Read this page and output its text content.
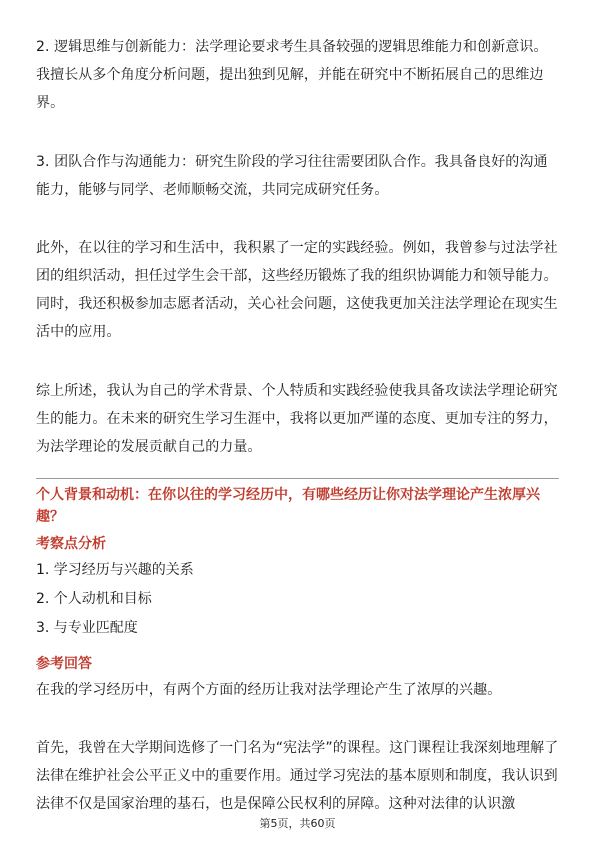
2. 逻辑思维与创新能力：法学理论要求考生具备较强的逻辑思维能力和创新意识。我擅长从多个角度分析问题，提出独到见解，并能在研究中不断拓展自己的思维边界。

3. 团队合作与沟通能力：研究生阶段的学习往往需要团队合作。我具备良好的沟通能力，能够与同学、老师顺畅交流，共同完成研究任务。

此外，在以往的学习和生活中，我积累了一定的实践经验。例如，我曾参与过法学社团的组织活动，担任过学生会干部，这些经历锻炼了我的组织协调能力和领导能力。同时，我还积极参加志愿者活动，关心社会问题，这使我更加关注法学理论在现实生活中的应用。

综上所述，我认为自己的学术背景、个人特质和实践经验使我具备攻读法学理论研究生的能力。在未来的研究生学习生涯中，我将以更加严谨的态度、更加专注的努力，为法学理论的发展贡献自己的力量。

个人背景和动机：在你以往的学习经历中，有哪些经历让你对法学理论产生浓厚兴趣？

考察点分析

1. 学习经历与兴趣的关系
2. 个人动机和目标
3. 与专业匹配度

参考回答

在我的学习经历中，有两个方面的经历让我对法学理论产生了浓厚的兴趣。

首先，我曾在大学期间选修了一门名为“宪法学”的课程。这门课程让我深刻地理解了法律在维护社会公平正义中的重要作用。通过学习宪法的基本原则和制度，我认识到法律不仅是国家治理的基石，也是保障公民权利的屏障。这种对法律的认识激

第5页，共60页
